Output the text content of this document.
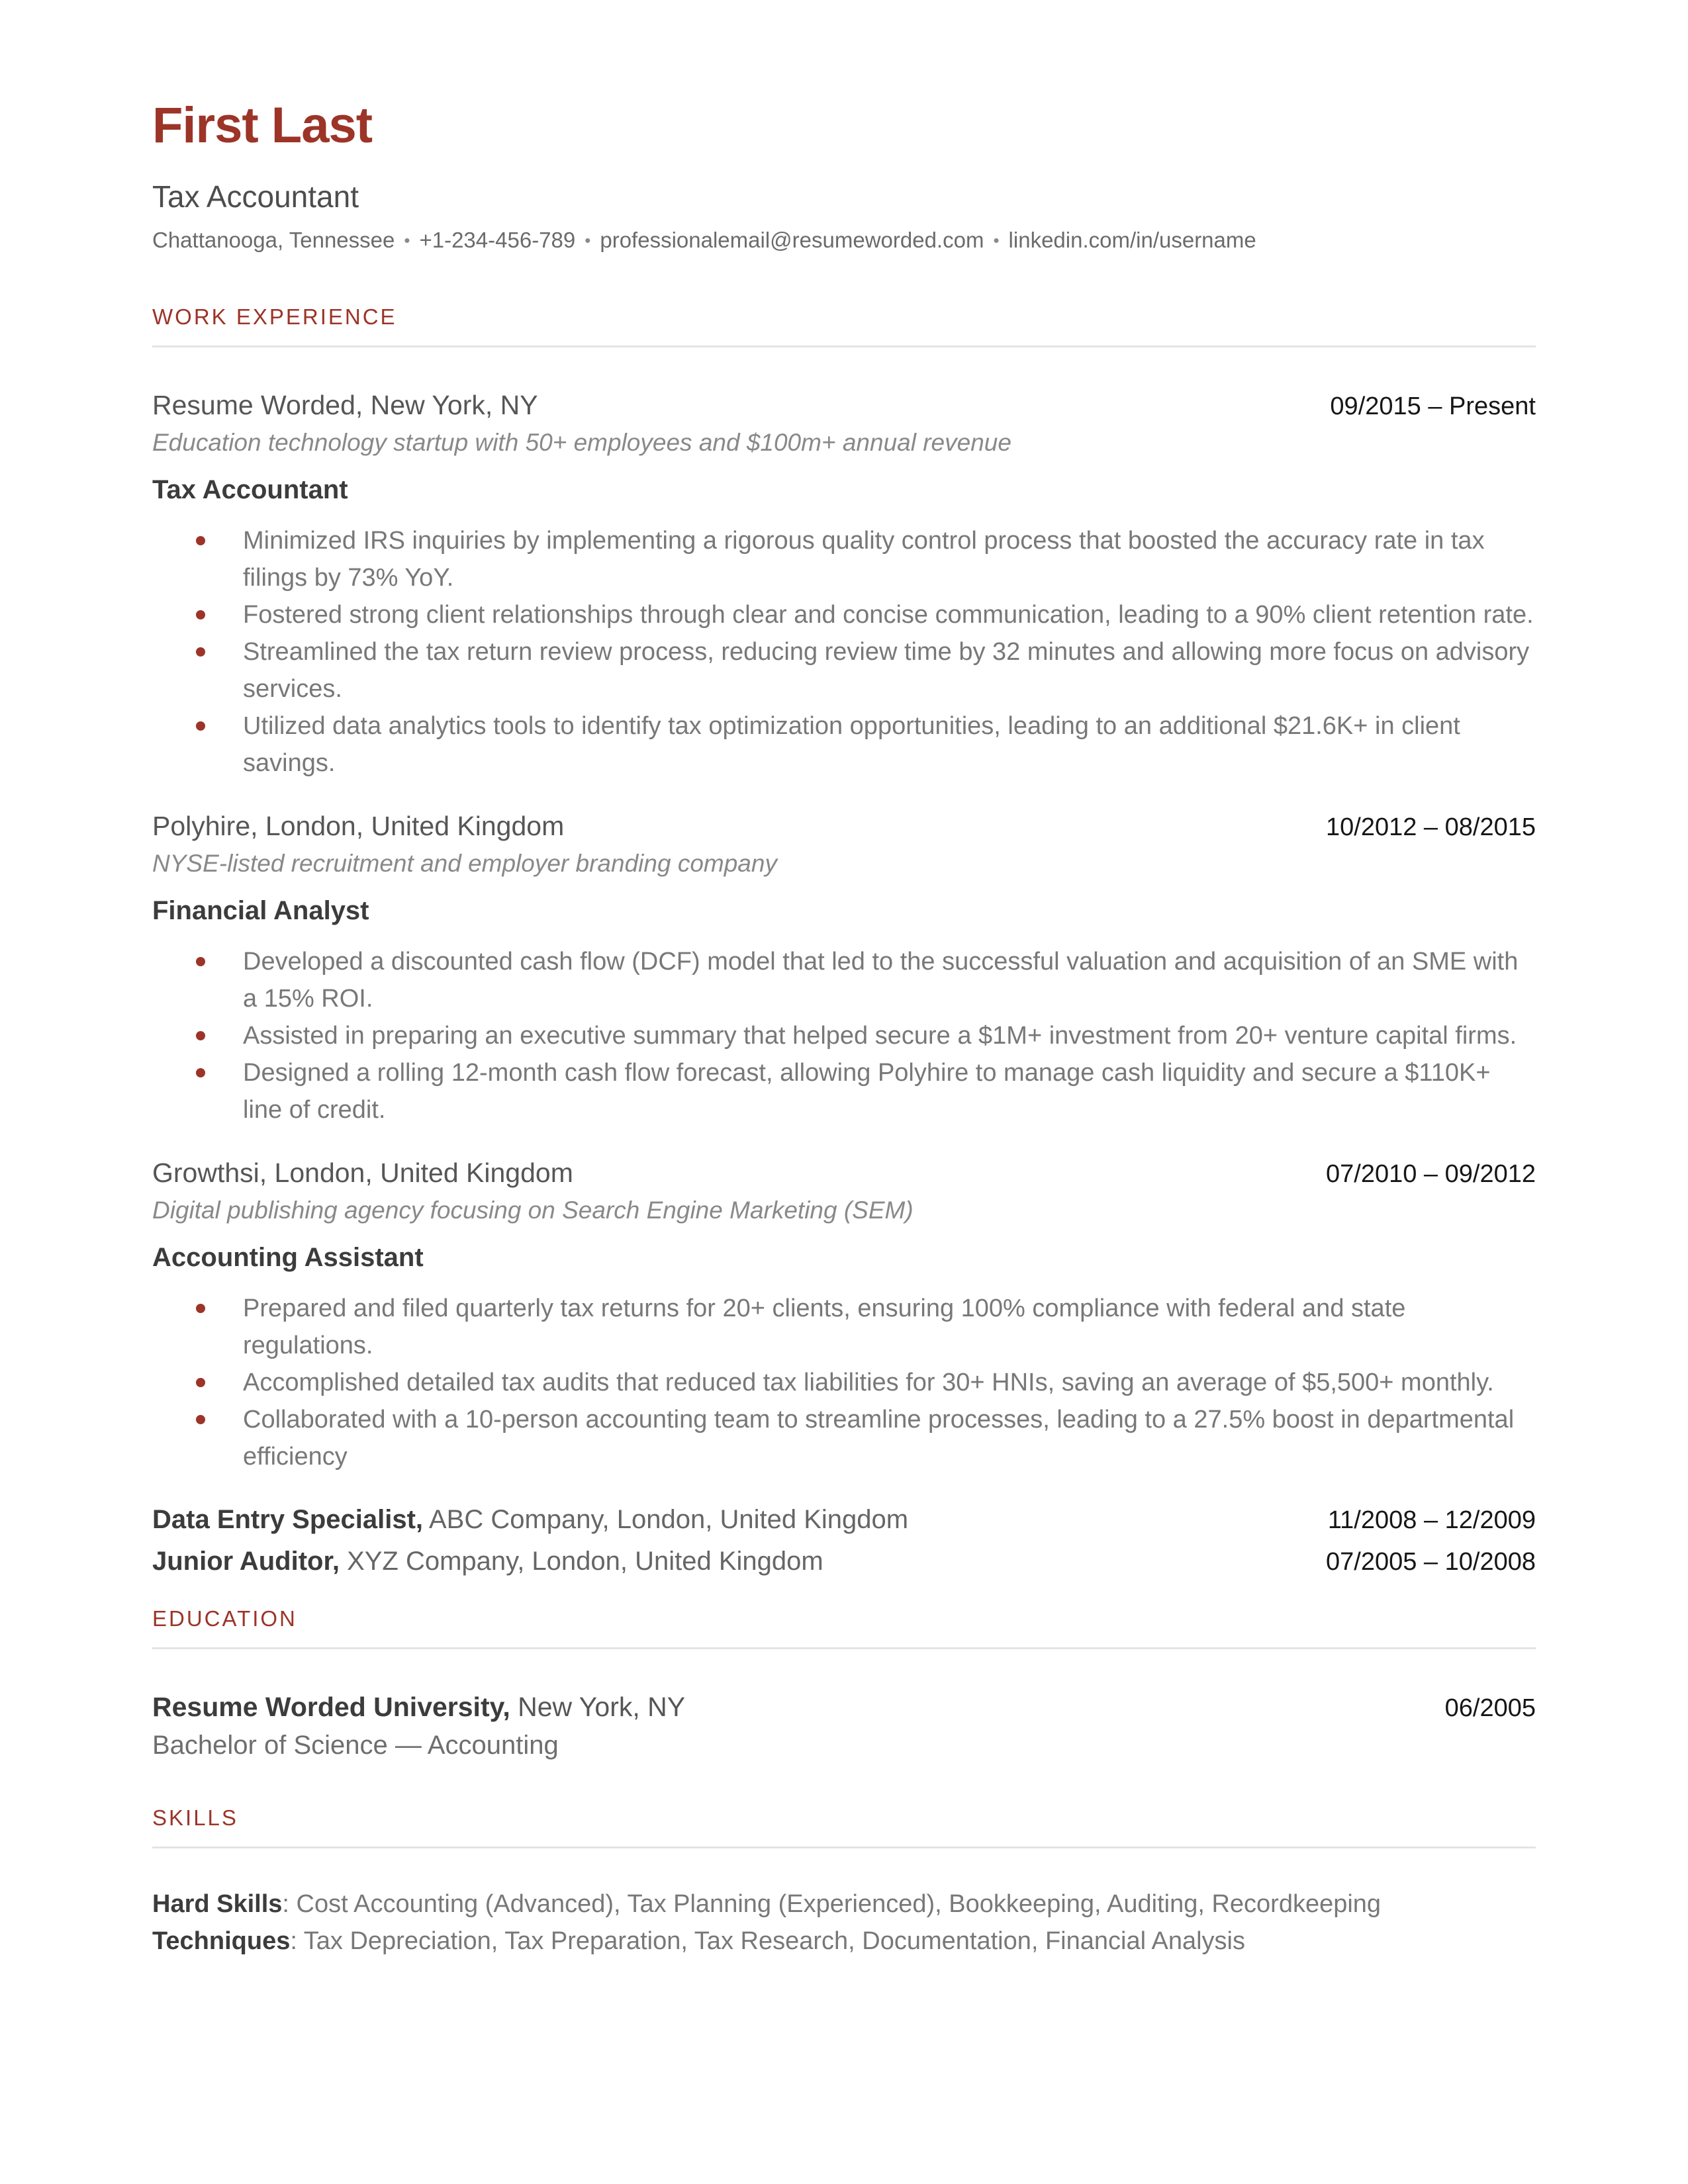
First Last
Tax Accountant
Chattanooga, Tennessee • +1-234-456-789 • professionalemail@resumeworded.com • linkedin.com/in/username
WORK EXPERIENCE
Resume Worded, New York, NY	09/2015 – Present
Education technology startup with 50+ employees and $100m+ annual revenue
Tax Accountant
Minimized IRS inquiries by implementing a rigorous quality control process that boosted the accuracy rate in tax filings by 73% YoY.
Fostered strong client relationships through clear and concise communication, leading to a 90% client retention rate.
Streamlined the tax return review process, reducing review time by 32 minutes and allowing more focus on advisory services.
Utilized data analytics tools to identify tax optimization opportunities, leading to an additional $21.6K+ in client savings.
Polyhire, London, United Kingdom	10/2012 – 08/2015
NYSE-listed recruitment and employer branding company
Financial Analyst
Developed a discounted cash flow (DCF) model that led to the successful valuation and acquisition of an SME with a 15% ROI.
Assisted in preparing an executive summary that helped secure a $1M+ investment from 20+ venture capital firms.
Designed a rolling 12-month cash flow forecast, allowing Polyhire to manage cash liquidity and secure a $110K+ line of credit.
Growthsi, London, United Kingdom	07/2010 – 09/2012
Digital publishing agency focusing on Search Engine Marketing (SEM)
Accounting Assistant
Prepared and filed quarterly tax returns for 20+ clients, ensuring 100% compliance with federal and state regulations.
Accomplished detailed tax audits that reduced tax liabilities for 30+ HNIs, saving an average of $5,500+ monthly.
Collaborated with a 10-person accounting team to streamline processes, leading to a 27.5% boost in departmental efficiency
Data Entry Specialist, ABC Company, London, United Kingdom	11/2008 – 12/2009
Junior Auditor, XYZ Company, London, United Kingdom	07/2005 – 10/2008
EDUCATION
Resume Worded University, New York, NY	06/2005
Bachelor of Science — Accounting
SKILLS
Hard Skills: Cost Accounting (Advanced), Tax Planning (Experienced), Bookkeeping, Auditing, Recordkeeping
Techniques: Tax Depreciation, Tax Preparation, Tax Research, Documentation, Financial Analysis
